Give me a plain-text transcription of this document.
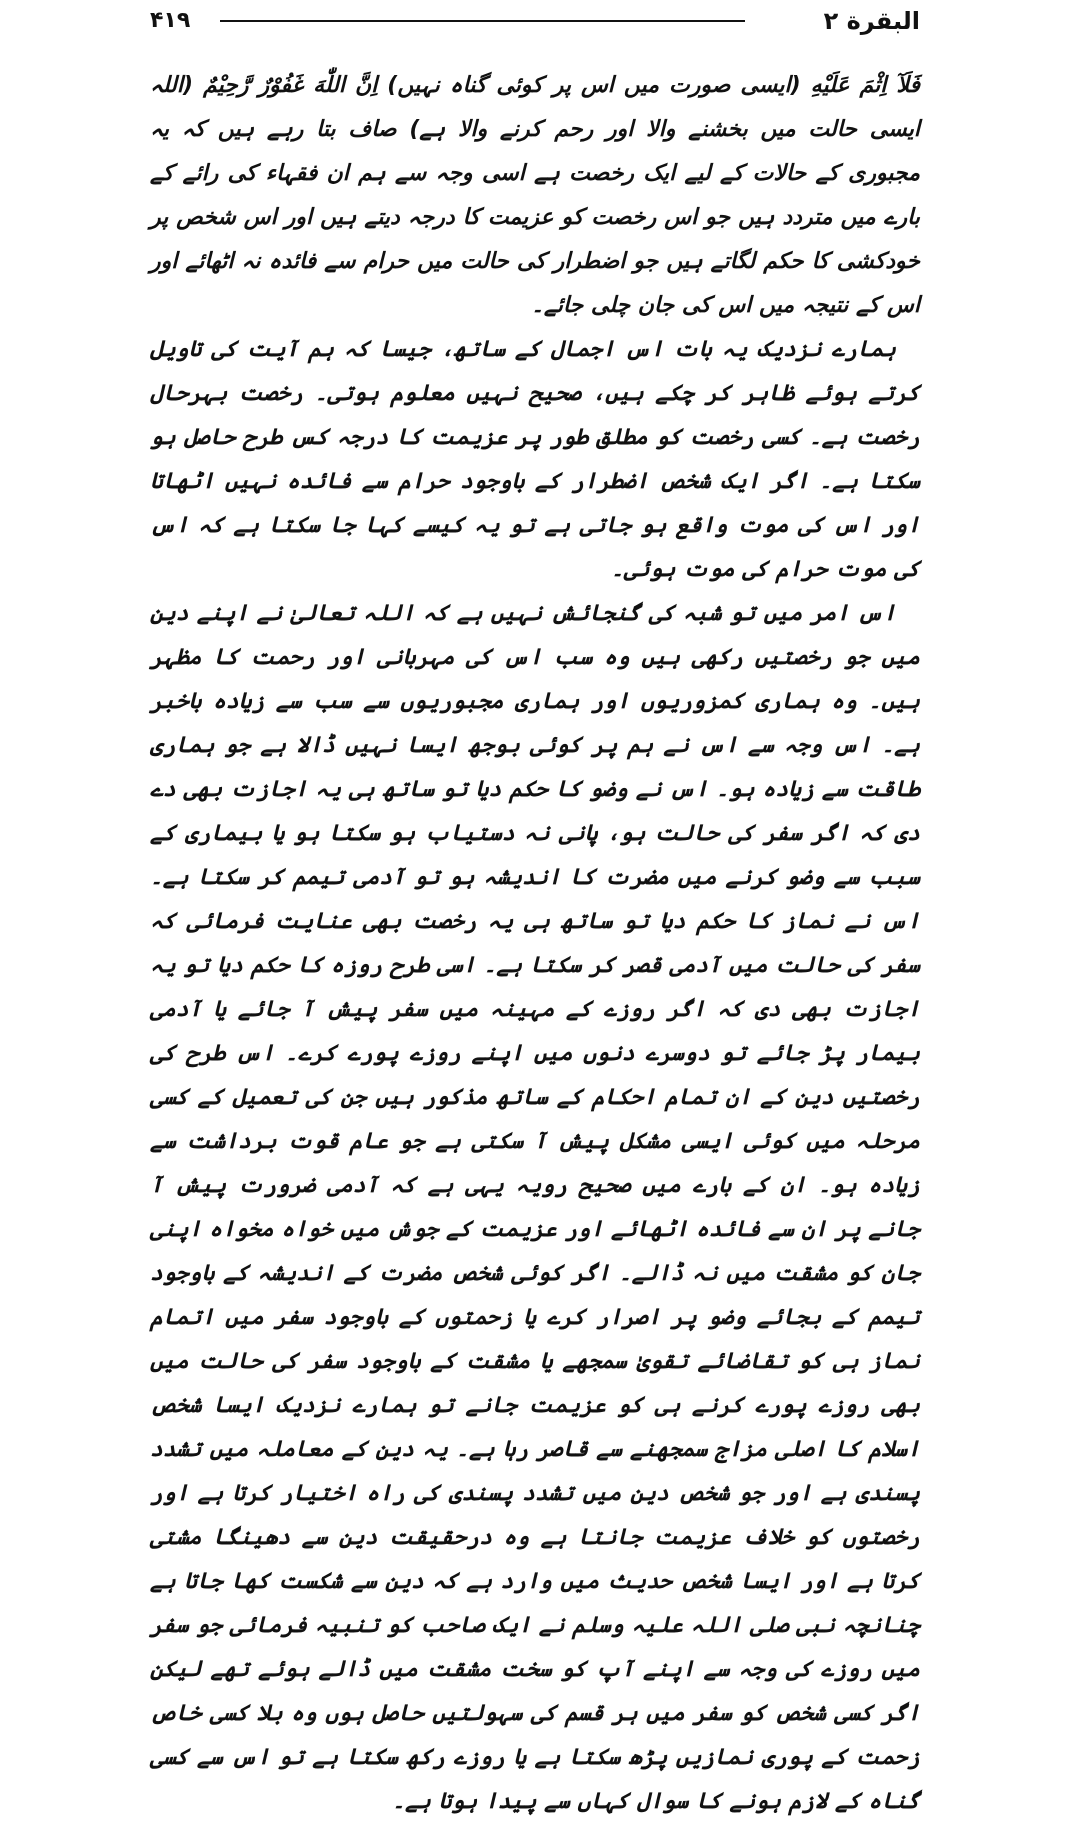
البقرة ٢
۴۱۹

فَلَآ اِثْمَ عَلَيْهِ (ایسی صورت میں اس پر کوئی گناہ نہیں) اِنَّ اللّٰهَ غَفُوْرٌ رَّحِيْمٌ (اللہ ایسی حالت میں بخشنے والا اور رحم کرنے والا ہے) صاف بتا رہے ہیں کہ یہ مجبوری کے حالات کے لیے ایک رخصت ہے اسی وجہ سے ہم ان فقہاء کی رائے کے بارے میں متردد ہیں جو اس رخصت کو عزیمت کا درجہ دیتے ہیں اور اس شخص پر خودکشی کا حکم لگاتے ہیں جو اضطرار کی حالت میں حرام سے فائدہ نہ اٹھائے اور اس کے نتیجہ میں اس کی جان چلی جائے۔

ہمارے نزدیک یہ بات اس اجمال کے ساتھ، جیسا کہ ہم آیت کی تاویل کرتے ہوئے ظاہر کر چکے ہیں، صحیح نہیں معلوم ہوتی۔ رخصت بہرحال رخصت ہے۔ کسی رخصت کو مطلق طور پر عزیمت کا درجہ کس طرح حاصل ہو سکتا ہے۔ اگر ایک شخص اضطرار کے باوجود حرام سے فائدہ نہیں اٹھاتا اور اس کی موت واقع ہو جاتی ہے تو یہ کیسے کہا جا سکتا ہے کہ اس کی موت حرام کی موت ہوئی۔

اس امر میں تو شبہ کی گنجائش نہیں ہے کہ اللہ تعالیٰ نے اپنے دین میں جو رخصتیں رکھی ہیں وہ سب اس کی مہربانی اور رحمت کا مظہر ہیں۔ وہ ہماری کمزوریوں اور ہماری مجبوریوں سے سب سے زیادہ باخبر ہے۔ اس وجہ سے اس نے ہم پر کوئی بوجھ ایسا نہیں ڈالا ہے جو ہماری طاقت سے زیادہ ہو۔ اس نے وضو کا حکم دیا تو ساتھ ہی یہ اجازت بھی دے دی کہ اگر سفر کی حالت ہو، پانی نہ دستیاب ہو سکتا ہو یا بیماری کے سبب سے وضو کرنے میں مضرت کا اندیشہ ہو تو آدمی تیمم کر سکتا ہے۔ اس نے نماز کا حکم دیا تو ساتھ ہی یہ رخصت بھی عنایت فرمائی کہ سفر کی حالت میں آدمی قصر کر سکتا ہے۔ اسی طرح روزہ کا حکم دیا تو یہ اجازت بھی دی کہ اگر روزے کے مہینہ میں سفر پیش آ جائے یا آدمی بیمار پڑ جائے تو دوسرے دنوں میں اپنے روزے پورے کرے۔ اس طرح کی رخصتیں دین کے ان تمام احکام کے ساتھ مذکور ہیں جن کی تعمیل کے کسی مرحلہ میں کوئی ایسی مشکل پیش آ سکتی ہے جو عام قوت برداشت سے زیادہ ہو۔ ان کے بارے میں صحیح رویہ یہی ہے کہ آدمی ضرورت پیش آ جانے پر ان سے فائدہ اٹھائے اور عزیمت کے جوش میں خواہ مخواہ اپنی جان کو مشقت میں نہ ڈالے۔ اگر کوئی شخص مضرت کے اندیشہ کے باوجود تیمم کے بجائے وضو پر اصرار کرے یا زحمتوں کے باوجود سفر میں اتمام نماز ہی کو تقاضائے تقویٰ سمجھے یا مشقت کے باوجود سفر کی حالت میں بھی روزے پورے کرنے ہی کو عزیمت جانے تو ہمارے نزدیک ایسا شخص اسلام کا اصلی مزاج سمجھنے سے قاصر رہا ہے۔ یہ دین کے معاملہ میں تشدد پسندی ہے اور جو شخص دین میں تشدد پسندی کی راہ اختیار کرتا ہے اور رخصتوں کو خلاف عزیمت جانتا ہے وہ درحقیقت دین سے دھینگا مشتی کرتا ہے اور ایسا شخص حدیث میں وارد ہے کہ دین سے شکست کھا جاتا ہے چنانچہ نبی صلی اللہ علیہ وسلم نے ایک صاحب کو تنبیہ فرمائی جو سفر میں روزے کی وجہ سے اپنے آپ کو سخت مشقت میں ڈالے ہوئے تھے لیکن اگر کسی شخص کو سفر میں ہر قسم کی سہولتیں حاصل ہوں وہ بلا کسی خاص زحمت کے پوری نمازیں پڑھ سکتا ہے یا روزے رکھ سکتا ہے تو اس سے کسی گناہ کے لازم ہونے کا سوال کہاں سے پیدا ہوتا ہے۔
